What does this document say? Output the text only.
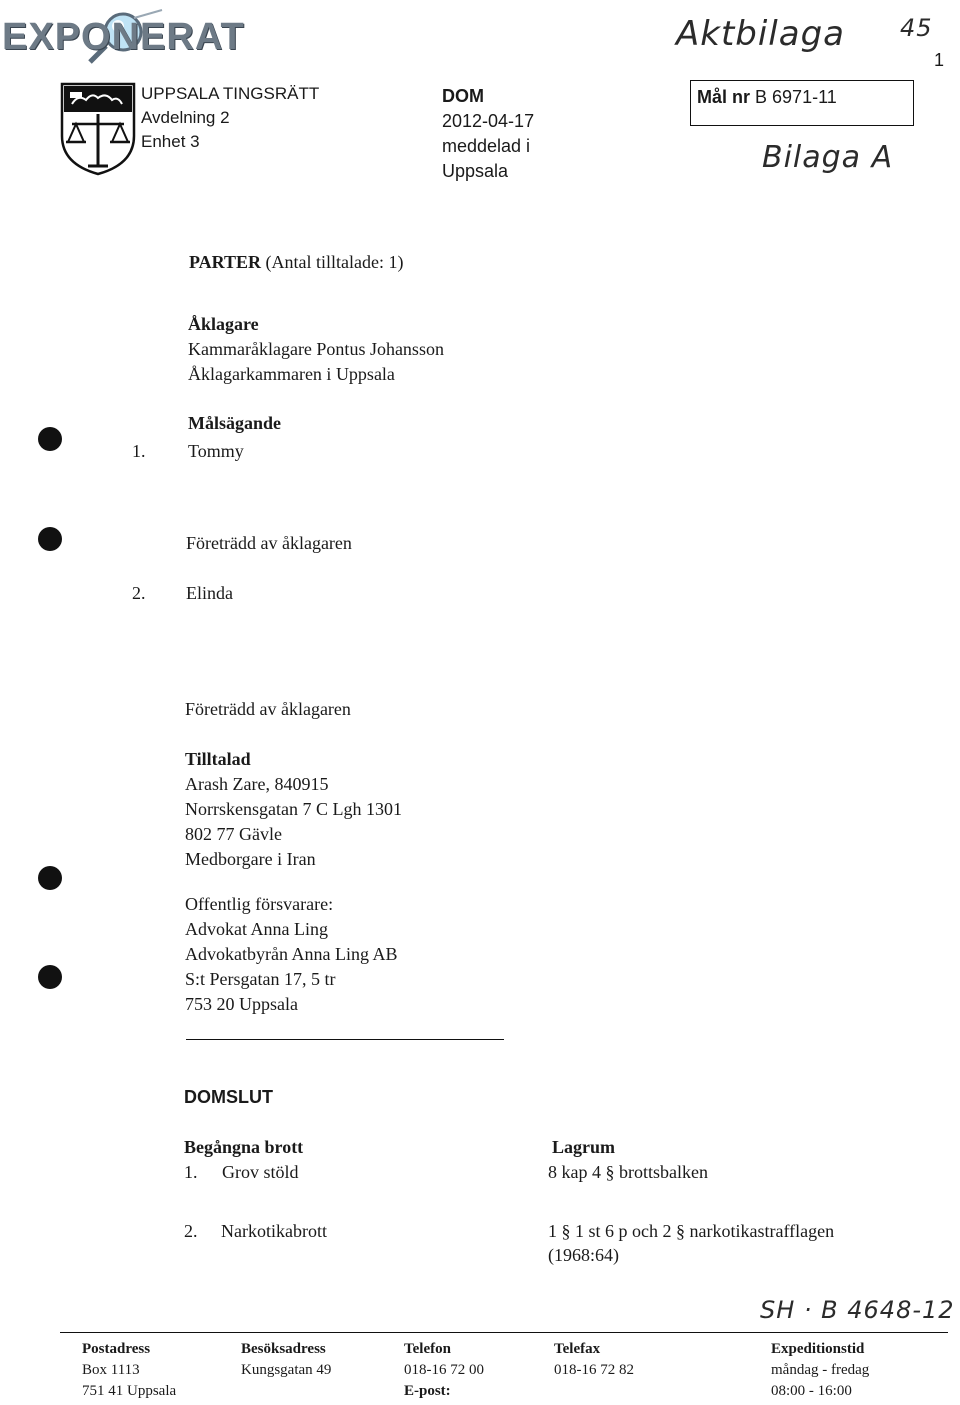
EXPONERAT
UPPSALA TINGSRÄTT
Avdelning 2
Enhet 3
DOM
2012-04-17
meddelad i
Uppsala
Mål nr B 6971-11
1
Aktbilaga 45
Bilaga A
SH · B 4648-12
PARTER (Antal tilltalade: 1)
Åklagare
Kammaråklagare Pontus Johansson
Åklagarkammaren i Uppsala
Målsägande
1. Tommy
Företrädd av åklagaren
2. Elinda
Företrädd av åklagaren
Tilltalad
Arash Zare, 840915
Norrskensgatan 7 C Lgh 1301
802 77 Gävle
Medborgare i Iran
Offentlig försvarare:
Advokat Anna Ling
Advokatbyrån Anna Ling AB
S:t Persgatan 17, 5 tr
753 20 Uppsala
DOMSLUT
Begångna brott	Lagrum
1. Grov stöld	8 kap 4 § brottsbalken
2. Narkotikabrott	1 § 1 st 6 p och 2 § narkotikastrafflagen
(1968:64)
Postadress
Box 1113
751 41 Uppsala
Besöksadress
Kungsgatan 49
Telefon
018-16 72 00
E-post:
Telefax
018-16 72 82
Expeditionstid
måndag - fredag
08:00 - 16:00
